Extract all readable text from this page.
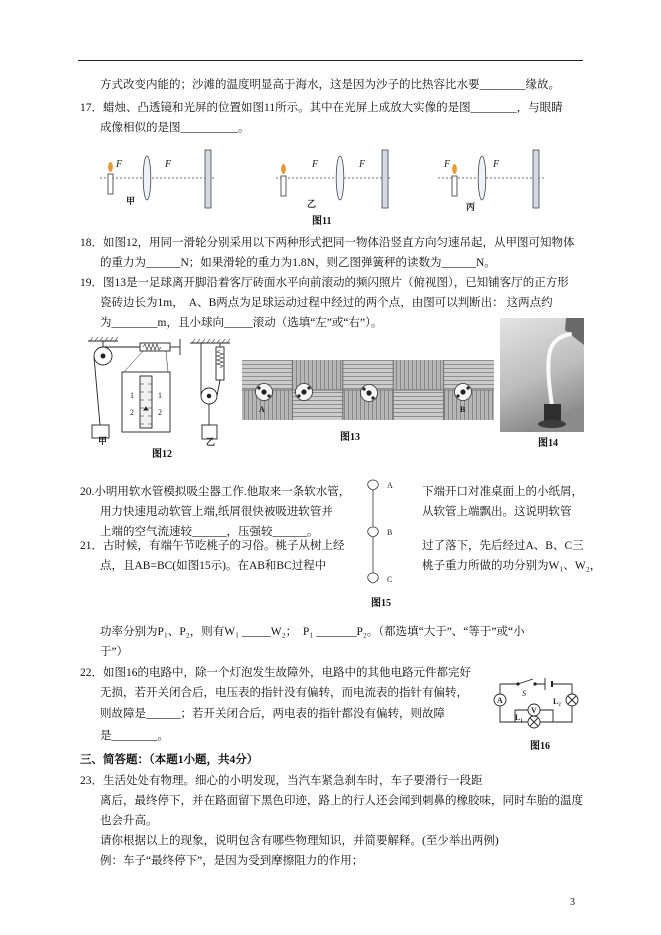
F	F
甲
F	F
乙
F	F
丙
1
2
1
2
甲	乙
A	B
A
B
C
S
A	L₂
V
L₁
方式改变内能的；沙滩的温度明显高于海水，这是因为沙子的比热容比水要________缘故。
17．蜡烛、凸透镜和光屏的位置如图11所示。其中在光屏上成放大实像的是图________，与眼睛
成像相似的是图__________。
图11
18．如图12，用同一滑轮分别采用以下两种形式把同一物体沿竖直方向匀速吊起，从甲图可知物体
的重力为______N；如果滑轮的重力为1.8N，则乙图弹簧秤的读数为______N。
19．图13是一足球离开脚沿着客厅砖面水平向前滚动的频闪照片（俯视图），已知铺客厅的正方形
瓷砖边长为1m，  A、B两点为足球运动过程中经过的两个点，由图可以判断出： 这两点约
为________m，且小球向_____滚动（选填“左”或“右”）。
图12
图13
图14
20.小明用软水管模拟吸尘器工作.他取来一条软水管，	下端开口对准桌面上的小纸屑，
用力快速甩动软管上端,纸屑很快被吸进软管并	从软管上端飘出。这说明软管
上端的空气流速较______，压强较______。
21．古时候，有端午节吃桃子的习俗。桃子从树上经	过了落下，先后经过A、B、C三
点，且AB=BC(如图15示)。在AB和BC过程中	桃子重力所做的功分别为W₁、W₂，
图15
功率分别为P₁、P₂，则有W₁ _____W₂；  P₁ _______P₂。（都选填“大于”、“等于”或“小
于”）
22．如图16的电路中，除一个灯泡发生故障外，电路中的其他电路元件都完好
无损，若开关闭合后，电压表的指针没有偏转，而电流表的指针有偏转，
则故障是______；若开关闭合后，两电表的指针都没有偏转，则故障
是________。
图16
三、简答题：（本题1小题，共4分）
23．生活处处有物理。细心的小明发现，当汽车紧急刹车时，车子要滑行一段距
离后，最终停下，并在路面留下黑色印迹，路上的行人还会闻到刺鼻的橡胶味，同时车胎的温度
也会升高。
请你根据以上的现象，说明包含有哪些物理知识，并简要解释。(至少举出两例)
例：车子“最终停下”，是因为受到摩擦阻力的作用；
3
